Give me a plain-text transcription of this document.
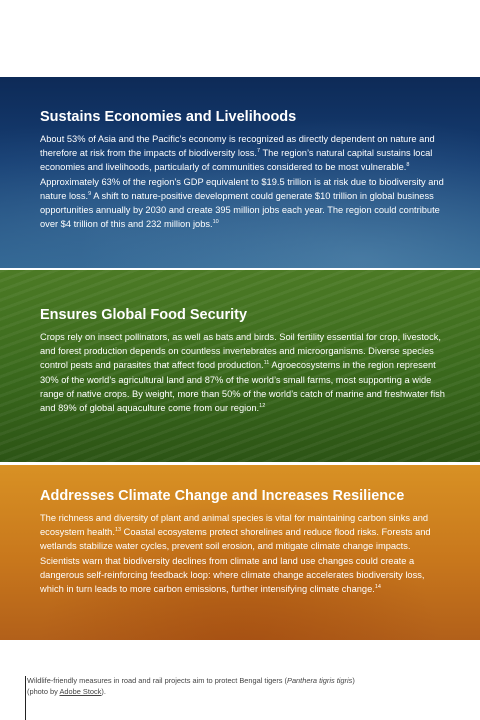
Sustains Economies and Livelihoods

About 53% of Asia and the Pacific’s economy is recognized as directly dependent on nature and therefore at risk from the impacts of biodiversity loss.$^7$ The region’s natural capital sustains local economies and livelihoods, particularly of communities considered to be most vulnerable.$^8$ Approximately 63% of the region’s GDP equivalent to $19.5 trillion is at risk due to biodiversity and nature loss.$^9$ A shift to nature-positive development could generate $10 trillion in global business opportunities annually by 2030 and create 395 million jobs each year. The region could contribute over $4 trillion of this and 232 million jobs.$^{10}$

Ensures Global Food Security

Crops rely on insect pollinators, as well as bats and birds. Soil fertility essential for crop, livestock, and forest production depends on countless invertebrates and microorganisms. Diverse species control pests and parasites that affect food production.$^{11}$ Agroecosystems in the region represent 30% of the world’s agricultural land and 87% of the world’s small farms, most supporting a wide range of native crops. By weight, more than 50% of the world’s catch of marine and freshwater fish and 89% of global aquaculture come from our region.$^{12}$

Addresses Climate Change and Increases Resilience

The richness and diversity of plant and animal species is vital for maintaining carbon sinks and ecosystem health.$^{13}$ Coastal ecosystems protect shorelines and reduce flood risks. Forests and wetlands stabilize water cycles, prevent soil erosion, and mitigate climate change impacts. Scientists warn that biodiversity declines from climate and land use changes could create a dangerous self-reinforcing feedback loop: where climate change accelerates biodiversity loss, which in turn leads to more carbon emissions, further intensifying climate change.$^{14}$

Wildlife-friendly measures in road and rail projects aim to protect Bengal tigers (Panthera tigris tigris)
(photo by Adobe Stock).
